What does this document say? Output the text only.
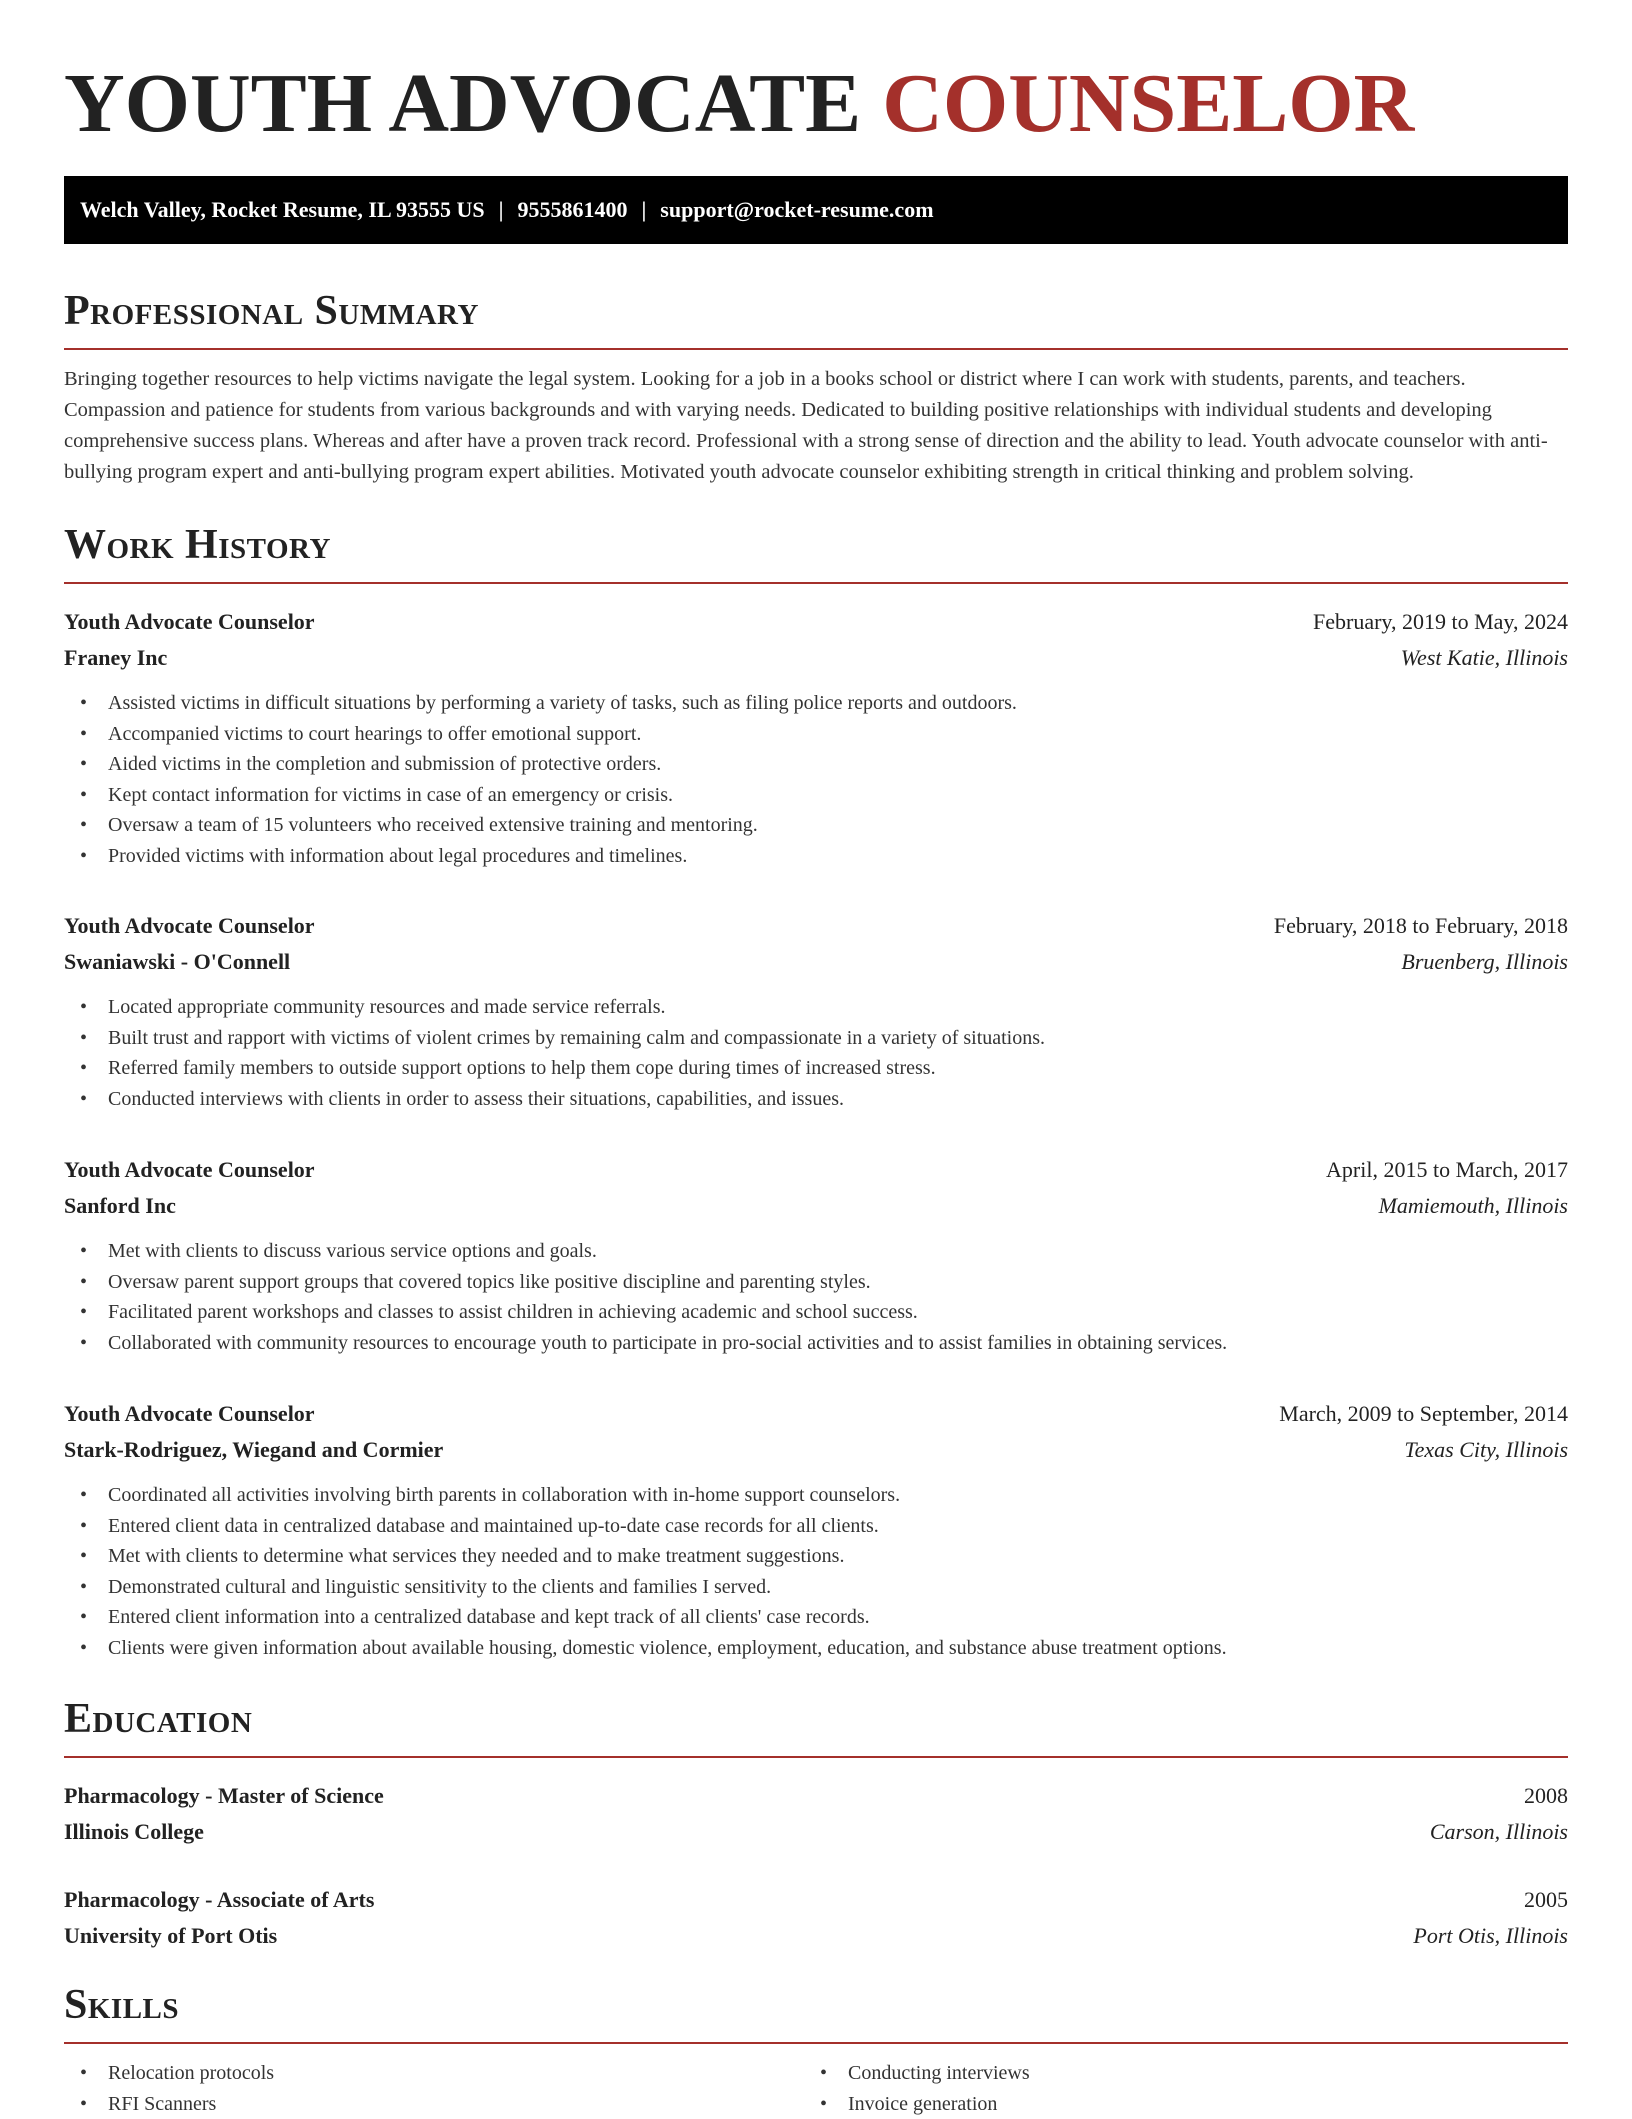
YOUTH ADVOCATE COUNSELOR
Welch Valley, Rocket Resume, IL 93555 US | 9555861400 | support@rocket-resume.com
Professional Summary

Bringing together resources to help victims navigate the legal system. Looking for a job in a books school or district where I can work with students, parents, and teachers. Compassion and patience for students from various backgrounds and with varying needs. Dedicated to building positive relationships with individual students and developing comprehensive success plans. Whereas and after have a proven track record. Professional with a strong sense of direction and the ability to lead. Youth advocate counselor with anti-bullying program expert and anti-bullying program expert abilities. Motivated youth advocate counselor exhibiting strength in critical thinking and problem solving.

Work History
Youth Advocate Counselor	February, 2019 to May, 2024
Franey Inc	West Katie, Illinois
• Assisted victims in difficult situations by performing a variety of tasks, such as filing police reports and outdoors.
• Accompanied victims to court hearings to offer emotional support.
• Aided victims in the completion and submission of protective orders.
• Kept contact information for victims in case of an emergency or crisis.
• Oversaw a team of 15 volunteers who received extensive training and mentoring.
• Provided victims with information about legal procedures and timelines.
Youth Advocate Counselor	February, 2018 to February, 2018
Swaniawski - O'Connell	Bruenberg, Illinois
• Located appropriate community resources and made service referrals.
• Built trust and rapport with victims of violent crimes by remaining calm and compassionate in a variety of situations.
• Referred family members to outside support options to help them cope during times of increased stress.
• Conducted interviews with clients in order to assess their situations, capabilities, and issues.
Youth Advocate Counselor	April, 2015 to March, 2017
Sanford Inc	Mamiemouth, Illinois
• Met with clients to discuss various service options and goals.
• Oversaw parent support groups that covered topics like positive discipline and parenting styles.
• Facilitated parent workshops and classes to assist children in achieving academic and school success.
• Collaborated with community resources to encourage youth to participate in pro-social activities and to assist families in obtaining services.
Youth Advocate Counselor	March, 2009 to September, 2014
Stark-Rodriguez, Wiegand and Cormier	Texas City, Illinois
• Coordinated all activities involving birth parents in collaboration with in-home support counselors.
• Entered client data in centralized database and maintained up-to-date case records for all clients.
• Met with clients to determine what services they needed and to make treatment suggestions.
• Demonstrated cultural and linguistic sensitivity to the clients and families I served.
• Entered client information into a centralized database and kept track of all clients' case records.
• Clients were given information about available housing, domestic violence, employment, education, and substance abuse treatment options.
Education
Pharmacology - Master of Science	2008
Illinois College	Carson, Illinois
Pharmacology - Associate of Arts	2005
University of Port Otis	Port Otis, Illinois
Skills
• Relocation protocols
• RFI Scanners
• Conducting interviews
• Invoice generation
